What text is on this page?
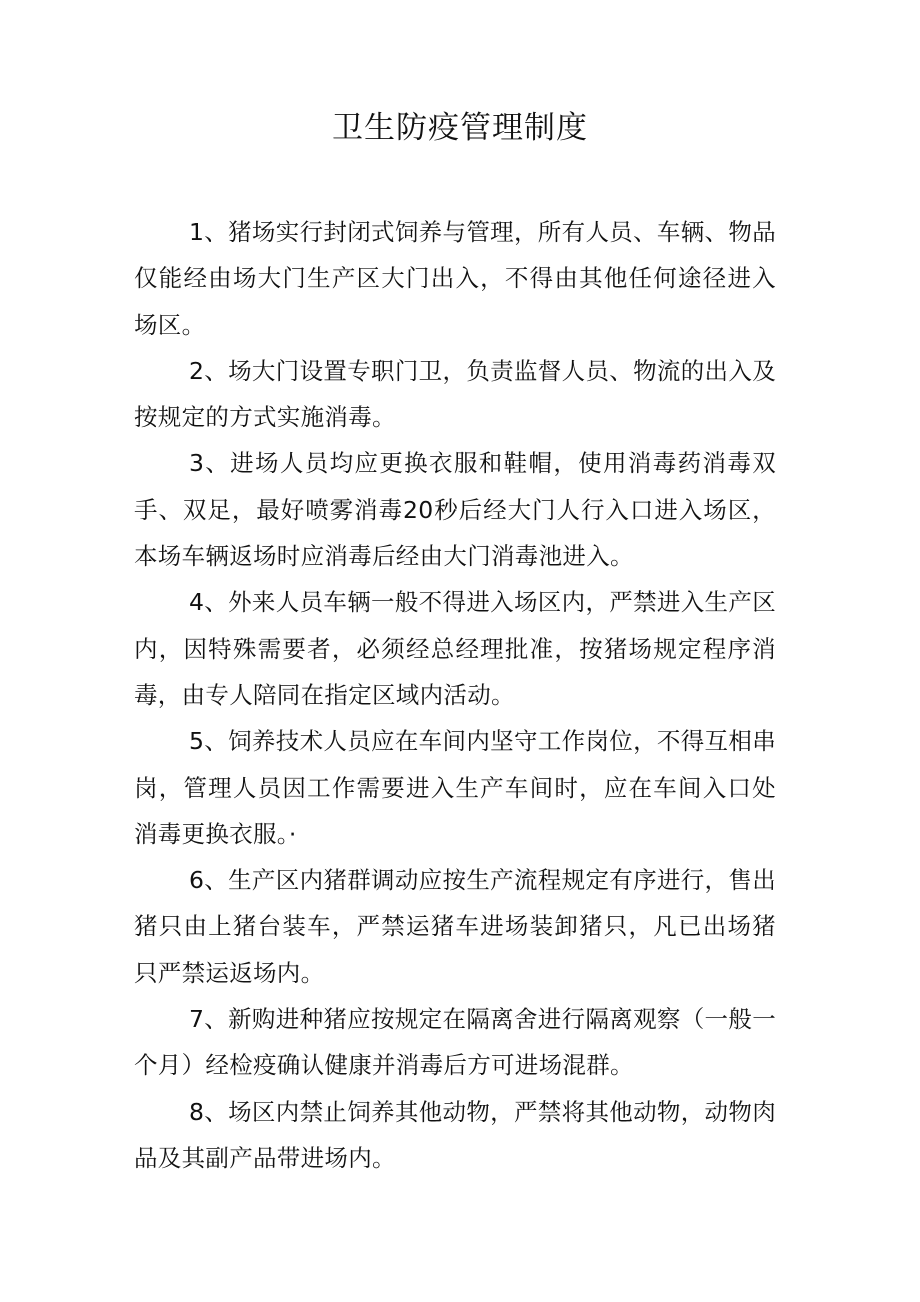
卫生防疫管理制度

1、猪场实行封闭式饲养与管理，所有人员、车辆、物品仅能经由场大门生产区大门出入，不得由其他任何途径进入场区。

2、场大门设置专职门卫，负责监督人员、物流的出入及按规定的方式实施消毒。

3、进场人员均应更换衣服和鞋帽，使用消毒药消毒双手、双足，最好喷雾消毒20秒后经大门人行入口进入场区，本场车辆返场时应消毒后经由大门消毒池进入。

4、外来人员车辆一般不得进入场区内，严禁进入生产区内，因特殊需要者，必须经总经理批准，按猪场规定程序消毒，由专人陪同在指定区域内活动。

5、饲养技术人员应在车间内坚守工作岗位，不得互相串岗，管理人员因工作需要进入生产车间时，应在车间入口处消毒更换衣服。·

6、生产区内猪群调动应按生产流程规定有序进行，售出猪只由上猪台装车，严禁运猪车进场装卸猪只，凡已出场猪只严禁运返场内。

7、新购进种猪应按规定在隔离舍进行隔离观察（一般一个月）经检疫确认健康并消毒后方可进场混群。

8、场区内禁止饲养其他动物，严禁将其他动物，动物肉品及其副产品带进场内。
